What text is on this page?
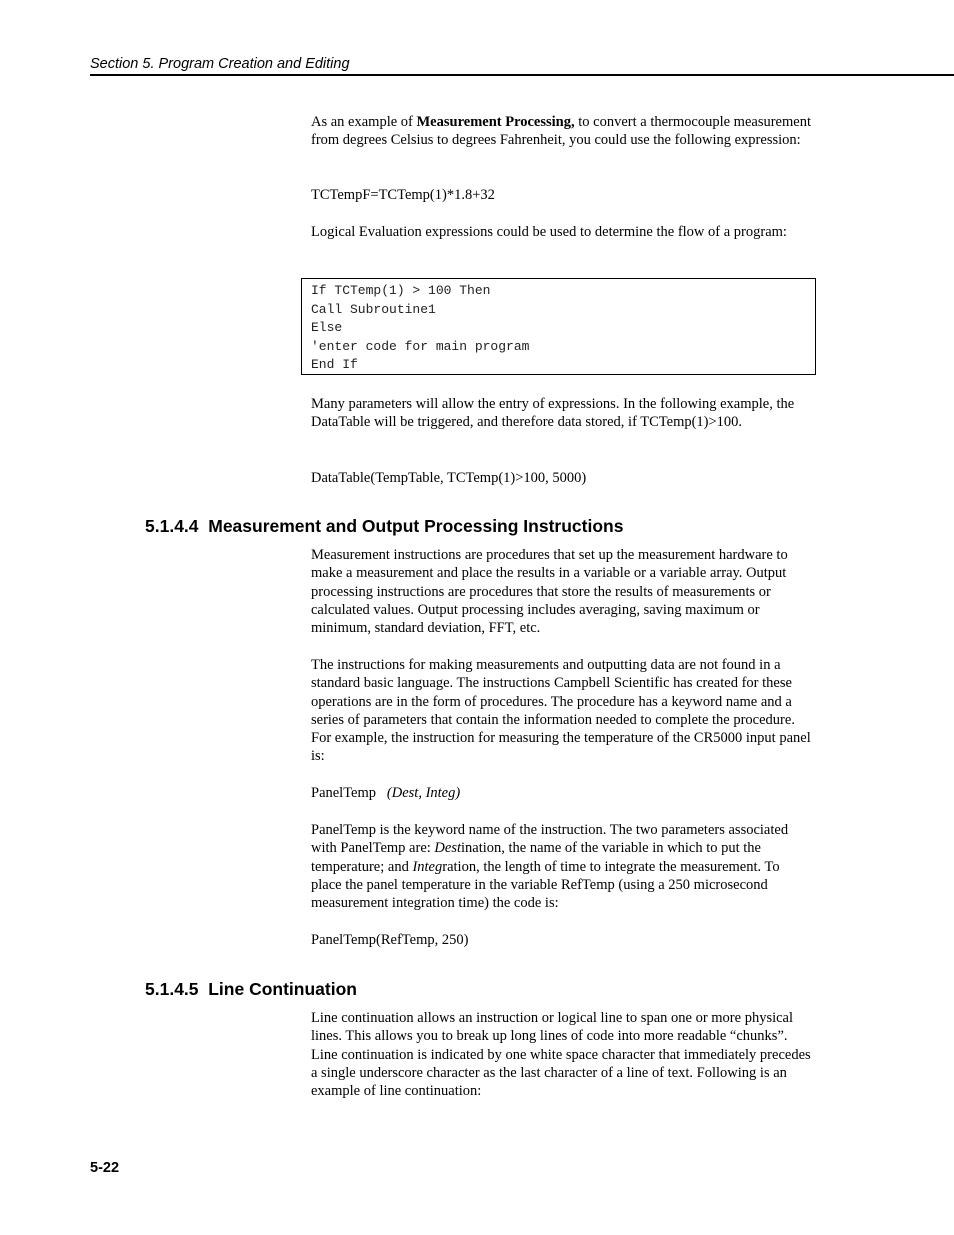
Section 5. Program Creation and Editing

As an example of Measurement Processing, to convert a thermocouple measurement from degrees Celsius to degrees Fahrenheit, you could use the following expression:

TCTempF=TCTemp(1)*1.8+32

Logical Evaluation expressions could be used to determine the flow of a program:

If TCTemp(1) > 100 Then
Call Subroutine1
Else
'enter code for main program
End If

Many parameters will allow the entry of expressions. In the following example, the DataTable will be triggered, and therefore data stored, if TCTemp(1)>100.

DataTable(TempTable, TCTemp(1)>100, 5000)

5.1.4.4  Measurement and Output Processing Instructions

Measurement instructions are procedures that set up the measurement hardware to make a measurement and place the results in a variable or a variable array. Output processing instructions are procedures that store the results of measurements or calculated values. Output processing includes averaging, saving maximum or minimum, standard deviation, FFT, etc.

The instructions for making measurements and outputting data are not found in a standard basic language. The instructions Campbell Scientific has created for these operations are in the form of procedures. The procedure has a keyword name and a series of parameters that contain the information needed to complete the procedure. For example, the instruction for measuring the temperature of the CR5000 input panel is:

PanelTemp (Dest, Integ)

PanelTemp is the keyword name of the instruction. The two parameters associated with PanelTemp are: Destination, the name of the variable in which to put the temperature; and Integration, the length of time to integrate the measurement. To place the panel temperature in the variable RefTemp (using a 250 microsecond measurement integration time) the code is:

PanelTemp(RefTemp, 250)

5.1.4.5  Line Continuation

Line continuation allows an instruction or logical line to span one or more physical lines. This allows you to break up long lines of code into more readable “chunks”. Line continuation is indicated by one white space character that immediately precedes a single underscore character as the last character of a line of text. Following is an example of line continuation:

5-22
